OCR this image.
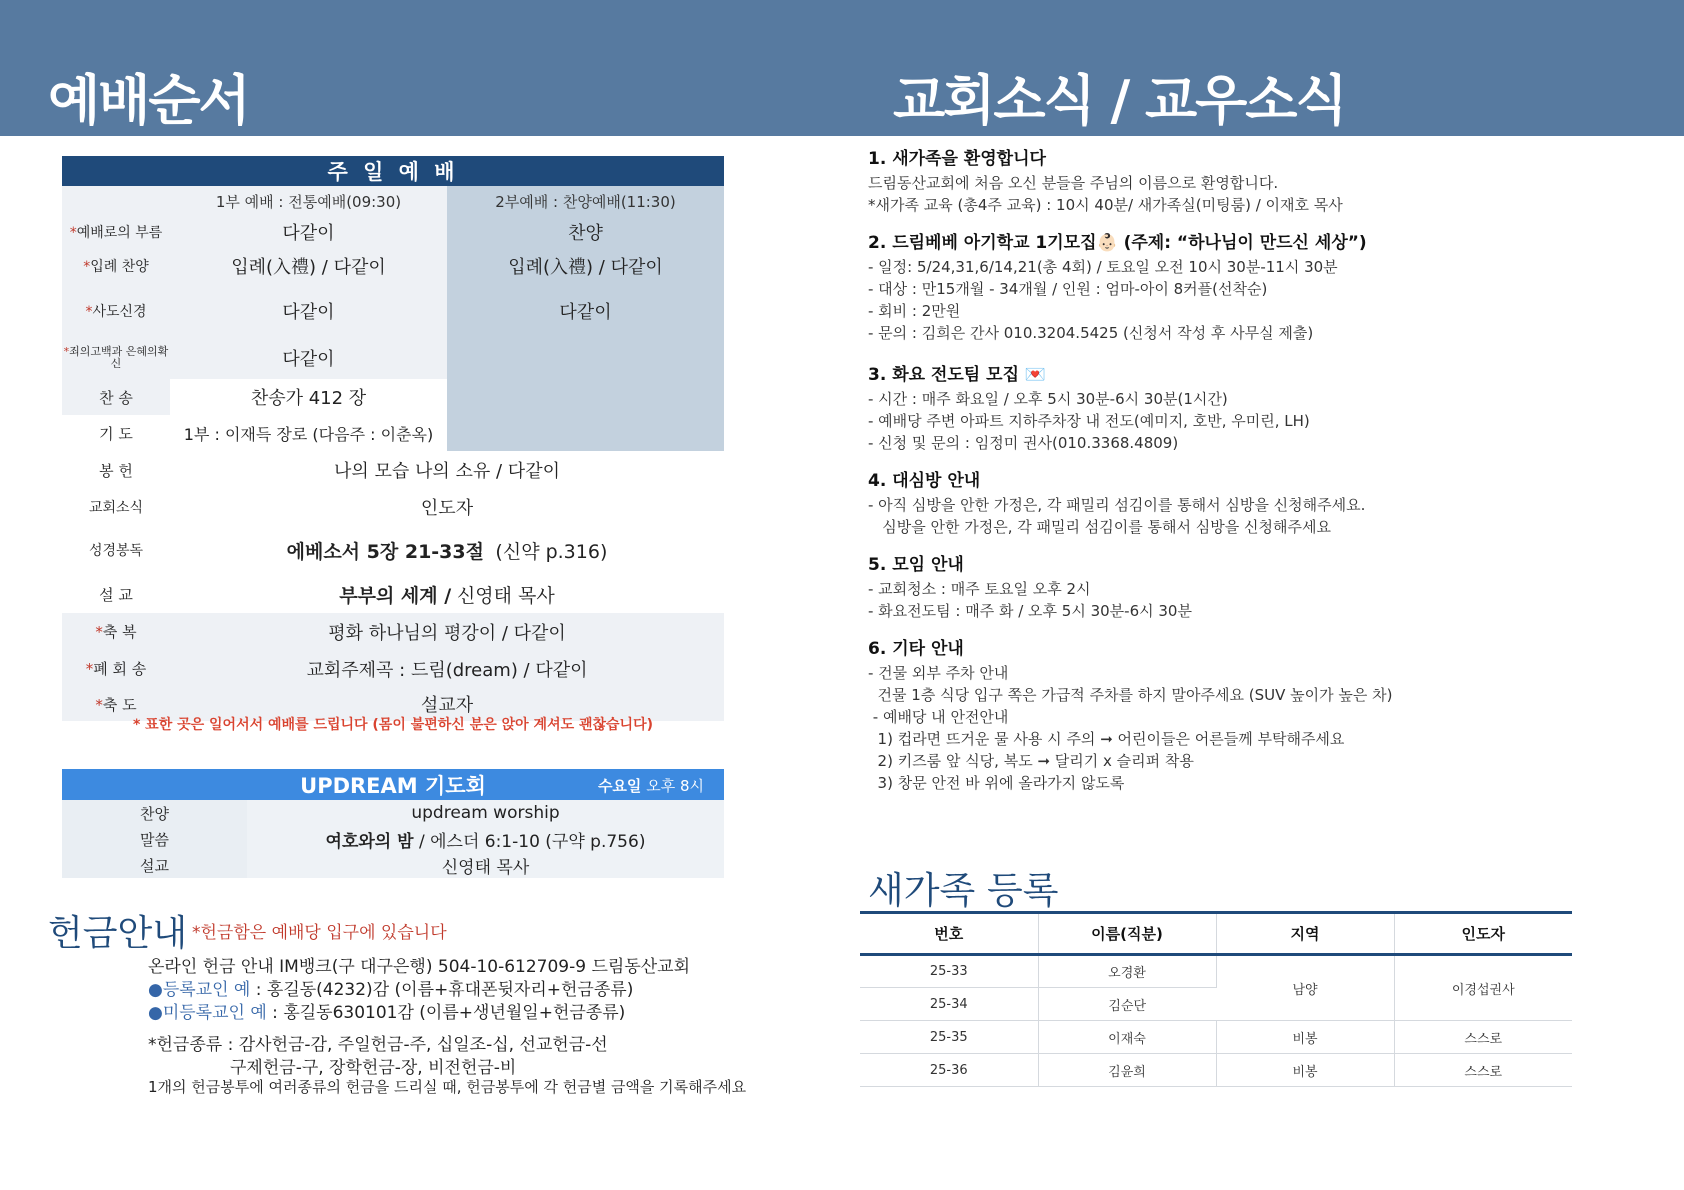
예배순서	교회소식 / 교우소식
주 일 예 배		
	1부 예배 : 전통예배(09:30)	2부예배 : 찬양예배(11:30)
*예배로의 부름	다같이	찬양
*입례 찬양	입례(入禮) / 다같이	입례(入禮) / 다같이
*사도신경	다같이	다같이
*죄의고백과 은혜의확신	다같이	
찬 송	찬송가 412 장	
기 도	1부 : 이재득 장로 (다음주 : 이춘옥)	
봉 헌	나의 모습 나의 소유 / 다같이	
교회소식	인도자	
성경봉독	에베소서 5장 21-33절 (신약 p.316)	
설 교	부부의 세계 / 신영태 목사	
*축 복	평화 하나님의 평강이 / 다같이	
*폐 회 송	교회주제곡 : 드림(dream) / 다같이	
*축 도	설교자	
* 표한 곳은 일어서서 예배를 드립니다 (몸이 불편하신 분은 앉아 계셔도 괜찮습니다)
UPDREAM 기도회 수요일 오후 8시	

찬양	updream worship
말씀	여호와의 밤 / 에스더 6:1-10 (구약 p.756)
설교	신영태 목사
헌금안내 *헌금함은 예배당 입구에 있습니다
온라인 헌금 안내 IM뱅크(구 대구은행) 504-10-612709-9 드림동산교회
●등록교인 예 : 홍길동(4232)감 (이름+휴대폰뒷자리+헌금종류)
●미등록교인 예 : 홍길동630101감 (이름+생년월일+헌금종류)
*헌금종류 : 감사헌금-감, 주일헌금-주, 십일조-십, 선교헌금-선
구제헌금-구, 장학헌금-장, 비전헌금-비
1개의 헌금봉투에 여러종류의 헌금을 드리실 때, 헌금봉투에 각 헌금별 금액을 기록해주세요
1. 새가족을 환영합니다
드림동산교회에 처음 오신 분들을 주님의 이름으로 환영합니다.
*새가족 교육 (총4주 교육) : 10시 40분/ 새가족실(미팅룸) / 이재호 목사
2. 드림베베 아기학교 1기모집👶🏻 (주제: “하나님이 만드신 세상”)
- 일정: 5/24,31,6/14,21(총 4회) / 토요일 오전 10시 30분-11시 30분
- 대상 : 만15개월 - 34개월 / 인원 : 엄마-아이 8커플(선착순)
- 회비 : 2만원
- 문의 : 김희은 간사 010.3204.5425 (신청서 작성 후 사무실 제출)
3. 화요 전도팀 모집 💌
- 시간 : 매주 화요일 / 오후 5시 30분-6시 30분(1시간)
- 예배당 주변 아파트 지하주차장 내 전도(예미지, 호반, 우미린, LH)
- 신청 및 문의 : 임정미 권사(010.3368.4809)
4. 대심방 안내
- 아직 심방을 안한 가정은, 각 패밀리 섬김이를 통해서 심방을 신청해주세요.
심방을 안한 가정은, 각 패밀리 섬김이를 통해서 심방을 신청해주세요
5. 모임 안내
- 교회청소 : 매주 토요일 오후 2시
- 화요전도팀 : 매주 화 / 오후 5시 30분-6시 30분
6. 기타 안내
- 건물 외부 주차 안내
건물 1층 식당 입구 쪽은 가급적 주차를 하지 말아주세요 (SUV 높이가 높은 차)
- 예배당 내 안전안내
1) 컵라면 뜨거운 물 사용 시 주의 ➞ 어린이들은 어른들께 부탁해주세요
2) 키즈룸 앞 식당, 복도 ➞ 달리기 x 슬리퍼 착용
3) 창문 안전 바 위에 올라가지 않도록
새가족 등록
번호	이름(직분)	지역	인도자
25-33	오경환	남양	이경섭권사
25-34	김순단		
25-35	이재숙	비봉	스스로
25-36	김윤희	비봉	스스로
